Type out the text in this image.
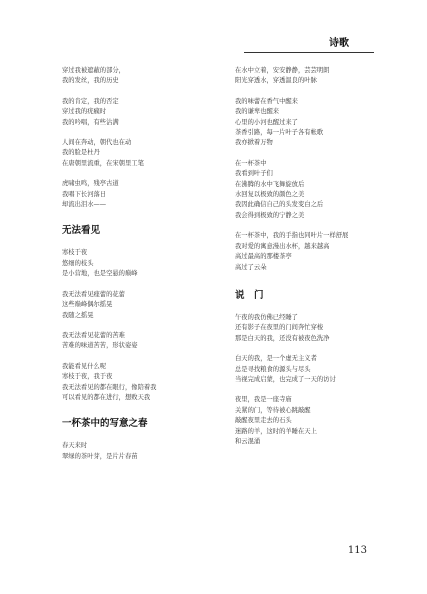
诗歌
穿过我被遮蔽的部分，
我的发丝，我的历史
我的肯定，我的否定
穿过我的疣瘊时
我的吟唱，有些沾满
人间在奔动，朝代也在动
我的脸是杜丹
在唐朝里流重，在宋朝里工笔
虎啸虫鸣，残亭古道
我唱下长河落日
却流出泪水——
无法看见
寒枝于夜
悠细的枝头
是小营地，也是空悬的巅峰
我无法看见痤蕾的花蕾
这些巅峰偶尔摇晃
我随之摇晃
我无法看见花蕾的苦难
苦难的味道苦苦，形状姿姿
我能看见什么呢
寒枝于夜，我于夜
我无法看见的都在眼行，像陪着我
可以看见的都在进行，想败天我
一杯茶中的写意之春
春天来时
翠绿的茶叶芽，是片片春苗
在水中立着，安安静静，芸芸明朗
阳光穿透水，穿透温良的叶脉
我的味蕾在香气中醒来
我的谦卑也醒来
心里的小河也醒过来了
茶香引路，每一片叶子各有帐歌
我亦掀着万物
在一杯茶中
我看到叶子们
在沸腾的水中飞舞旋放后
水回复以极致的颜色之美
我因此确信自己的头发变白之后
我会得到极致的宁静之美
在一杯茶中，我的手指也同叶片一样舒展
我对爱的寓意漫出水杯，越来越高
高过最高的那楼茶亭
高过了云朵
说　门
午夜的我仿佛已经睡了
还有影子在夜里的门间奔忙穿梭
那是白天的我，还没有被夜色洗净
白天的我，是一个虚无主义者
总是寻找粮食的源头与尽头
当视完成启蒙，也完成了一天的访讨
夜里，我是一座寺庙
关紧的门，等待被心跳敲醒
敲醒夜里走去的石头
迷路的羊，这时的羊睡在天上
和云混涌
113
